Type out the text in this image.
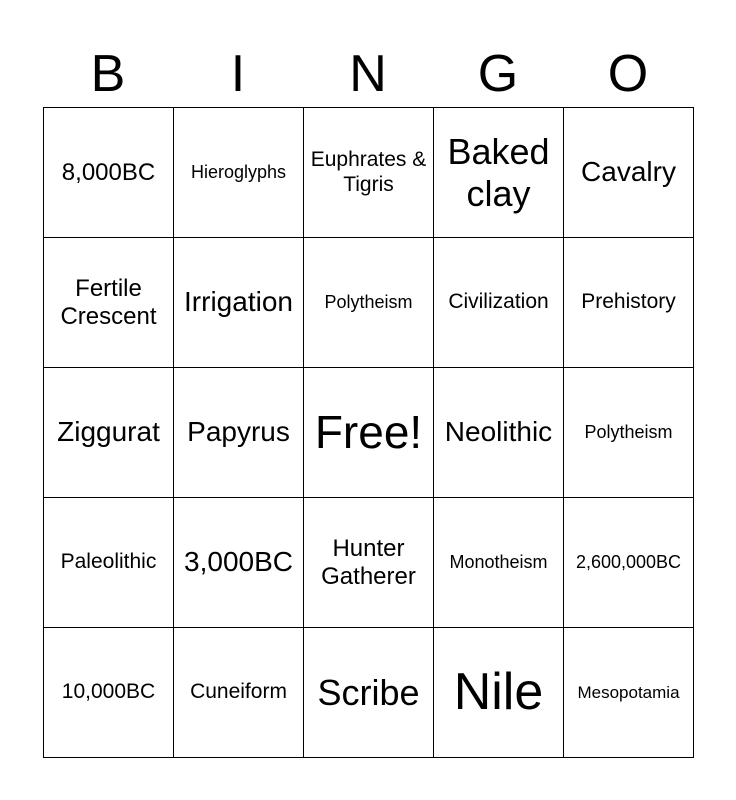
B	I	N	G	O
8,000BC	Hieroglyphs	Euphrates & Tigris	Baked clay	Cavalry
Fertile Crescent	Irrigation	Polytheism	Civilization	Prehistory
Ziggurat	Papyrus	Free!	Neolithic	Polytheism
Paleolithic	3,000BC	Hunter Gatherer	Monotheism	2,600,000BC
10,000BC	Cuneiform	Scribe	Nile	Mesopotamia
